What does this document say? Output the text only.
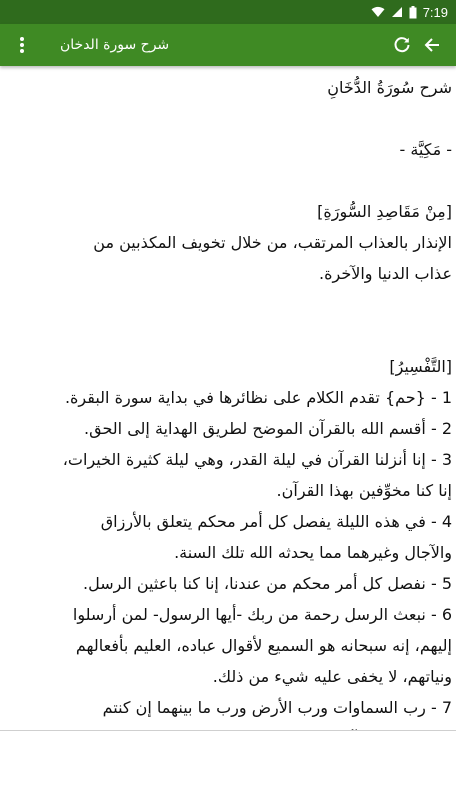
7:19
شرح سورة الدخان

شرح سُورَةُ الدُّخَانِ

- مَكِيَّة -

[مِنْ مَقَاصِدِ السُّورَةِ]

الإنذار بالعذاب المرتقب، من خلال تخويف المكذبين من

عذاب الدنيا والآخرة.

[التَّفْسِيرُ]

1 - {حم} تقدم الكلام على نظائرها في بداية سورة البقرة.

2 - أقسم الله بالقرآن الموضح لطريق الهداية إلى الحق.

3 - إنا أنزلنا القرآن في ليلة القدر، وهي ليلة كثيرة الخيرات،

إنا كنا مخوِّفين بهذا القرآن.

4 - في هذه الليلة يفصل كل أمر محكم يتعلق بالأرزاق

والآجال وغيرهما مما يحدثه الله تلك السنة.

5 - نفصل كل أمر محكم من عندنا، إنا كنا باعثين الرسل.

6 - نبعث الرسل رحمة من ربك -أيها الرسول- لمن أرسلوا

إليهم، إنه سبحانه هو السميع لأقوال عباده، العليم بأفعالهم

ونياتهم، لا يخفى عليه شيء من ذلك.

7 - رب السماوات ورب الأرض ورب ما بينهما إن كنتم
